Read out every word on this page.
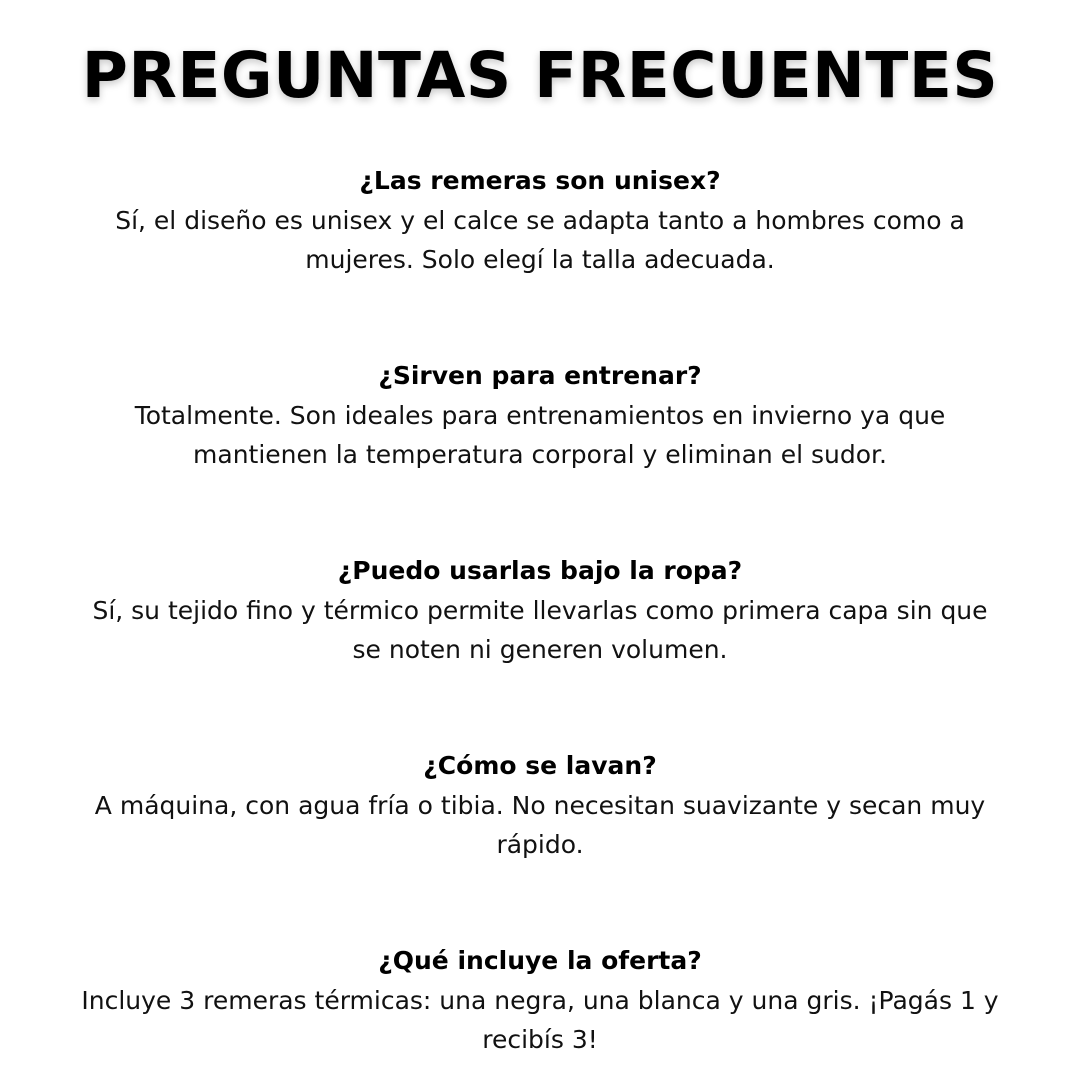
PREGUNTAS FRECUENTES
¿Las remeras son unisex?

Sí, el diseño es unisex y el calce se adapta tanto a hombres como a mujeres. Solo elegí la talla adecuada.

¿Sirven para entrenar?

Totalmente. Son ideales para entrenamientos en invierno ya que mantienen la temperatura corporal y eliminan el sudor.

¿Puedo usarlas bajo la ropa?

Sí, su tejido fino y térmico permite llevarlas como primera capa sin que se noten ni generen volumen.

¿Cómo se lavan?

A máquina, con agua fría o tibia. No necesitan suavizante y secan muy rápido.

¿Qué incluye la oferta?

Incluye 3 remeras térmicas: una negra, una blanca y una gris. ¡Pagás 1 y recibís 3!
